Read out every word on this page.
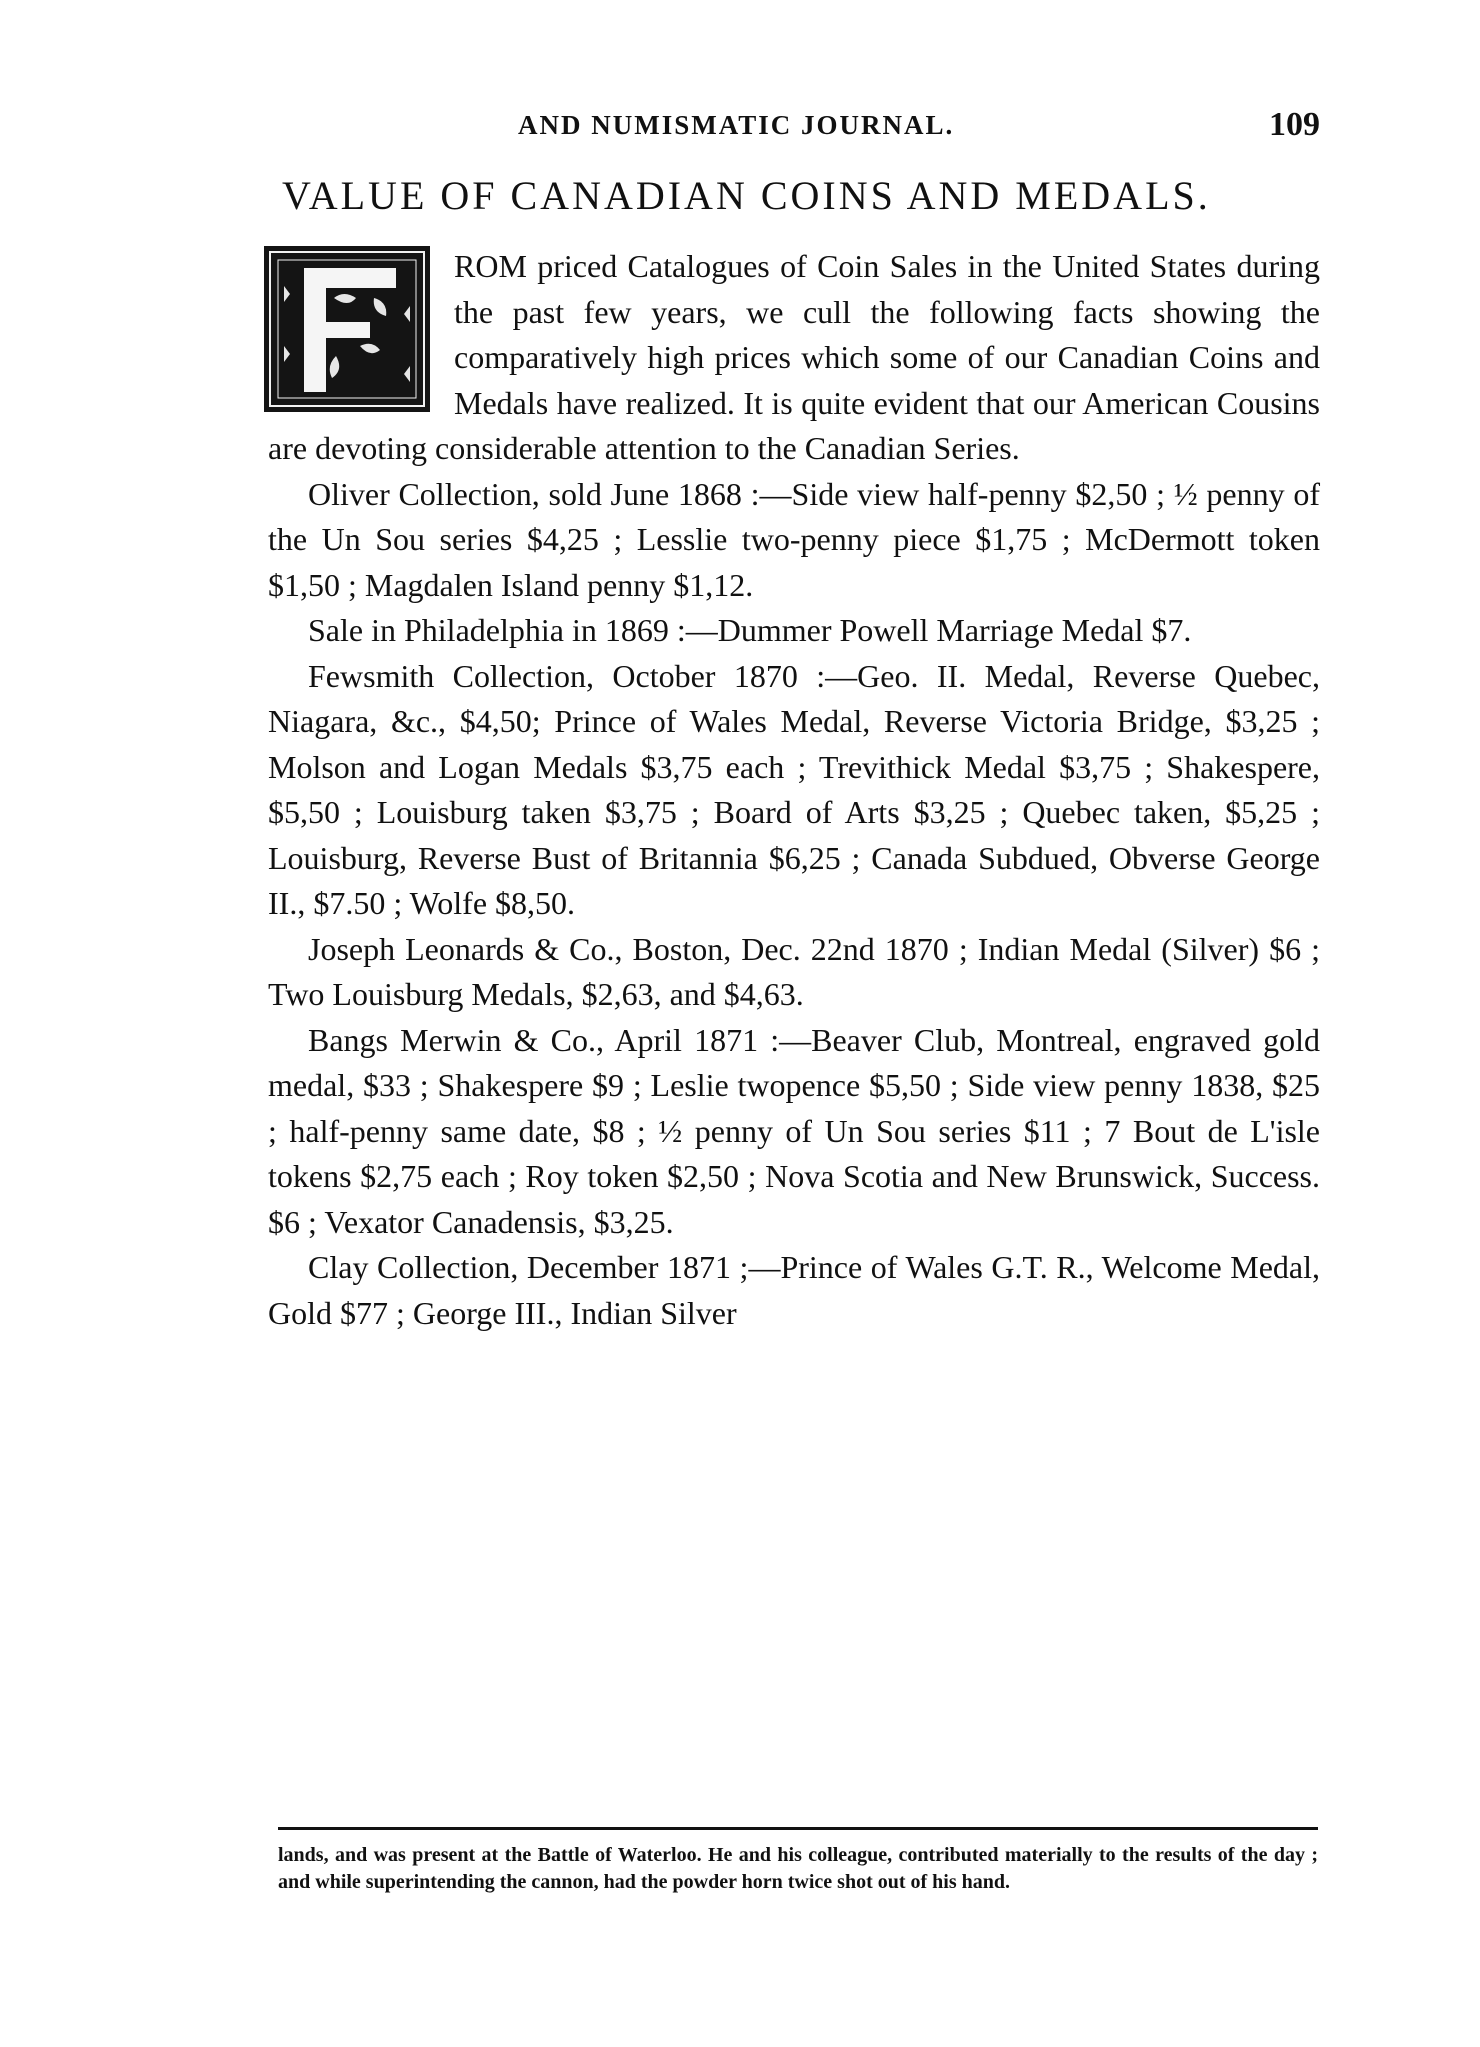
AND NUMISMATIC JOURNAL.	109
VALUE OF CANADIAN COINS AND MEDALS.

ROM priced Catalogues of Coin Sales in the United States during the past few years, we cull the following facts showing the comparatively high prices which some of our Canadian Coins and Medals have realized. It is quite evident that our American Cousins are devoting considerable attention to the Canadian Series.

Oliver Collection, sold June 1868 :—Side view half-penny $2,50 ; ½ penny of the Un Sou series $4,25 ; Lesslie two-penny piece $1,75 ; McDermott token $1,50 ; Magdalen Island penny $1,12.

Sale in Philadelphia in 1869 :—Dummer Powell Marriage Medal $7.

Fewsmith Collection, October 1870 :—Geo. II. Medal, Reverse Quebec, Niagara, &c., $4,50; Prince of Wales Medal, Reverse Victoria Bridge, $3,25 ; Molson and Logan Medals $3,75 each ; Trevithick Medal $3,75 ; Shakespere, $5,50 ; Louisburg taken $3,75 ; Board of Arts $3,25 ; Quebec taken, $5,25 ; Louisburg, Reverse Bust of Britannia $6,25 ; Canada Subdued, Obverse George II., $7.50 ; Wolfe $8,50.

Joseph Leonards & Co., Boston, Dec. 22nd 1870 ; Indian Medal (Silver) $6 ; Two Louisburg Medals, $2,63, and $4,63.

Bangs Merwin & Co., April 1871 :—Beaver Club, Montreal, engraved gold medal, $33 ; Shakespere $9 ; Leslie twopence $5,50 ; Side view penny 1838, $25 ; half-penny same date, $8 ; ½ penny of Un Sou series $11 ; 7 Bout de L'isle tokens $2,75 each ; Roy token $2,50 ; Nova Scotia and New Brunswick, Success. $6 ; Vexator Canadensis, $3,25.

Clay Collection, December 1871 ;—Prince of Wales G.T. R., Welcome Medal, Gold $77 ; George III., Indian Silver

lands, and was present at the Battle of Waterloo. He and his colleague, contributed materially to the results of the day ; and while superintending the cannon, had the powder horn twice shot out of his hand.
